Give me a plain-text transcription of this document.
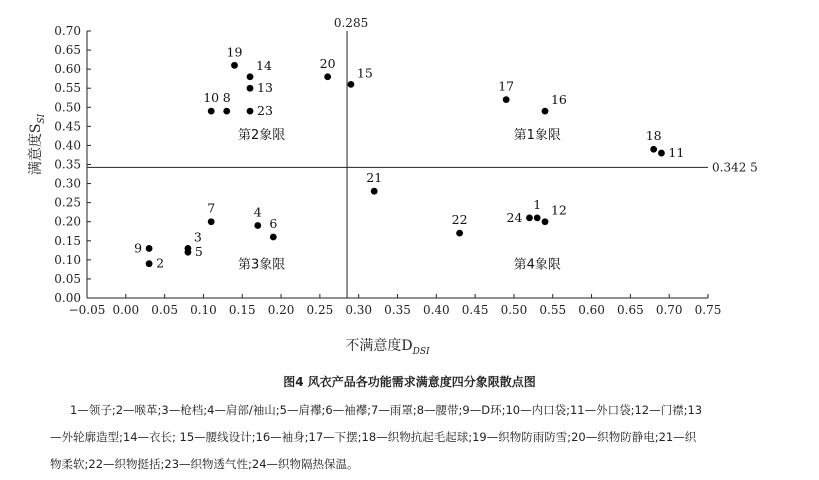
−0.05 0.00 0.05 0.10 0.15 0.20 0.25 0.30 0.35 0.40 0.45 0.50 0.55 0.60 0.65 0.70 0.75
0.00
0.05
0.10
0.15
0.20
0.25
0.30
0.35
0.40
0.45
0.50
0.55
0.60
0.65
0.70
0.285
0.342 5
第1象限
第2象限
第3象限	第4象限
1
2
3
4
5
6
7
8
9
10
11
12
13
14
15
16
17
18
19
20
21
22
23
24
不满意度$D_{DSI}$
满意度$S_{SI}$
图4 风衣产品各功能需求满意度四分象限散点图
1—领子;2—喉革;3—枪档;4—肩部/袖山;5—肩襻;6—袖襻;7—雨罩;8—腰带;9—D环;10—内口袋;11—外口袋;12—门襟;13
—外轮廓造型;14—衣长; 15—腰线设计;16—袖身;17—下摆;18—织物抗起毛起球;19—织物防雨防雪;20—织物防静电;21—织
物柔软;22—织物挺括;23—织物透气性;24—织物隔热保温。
